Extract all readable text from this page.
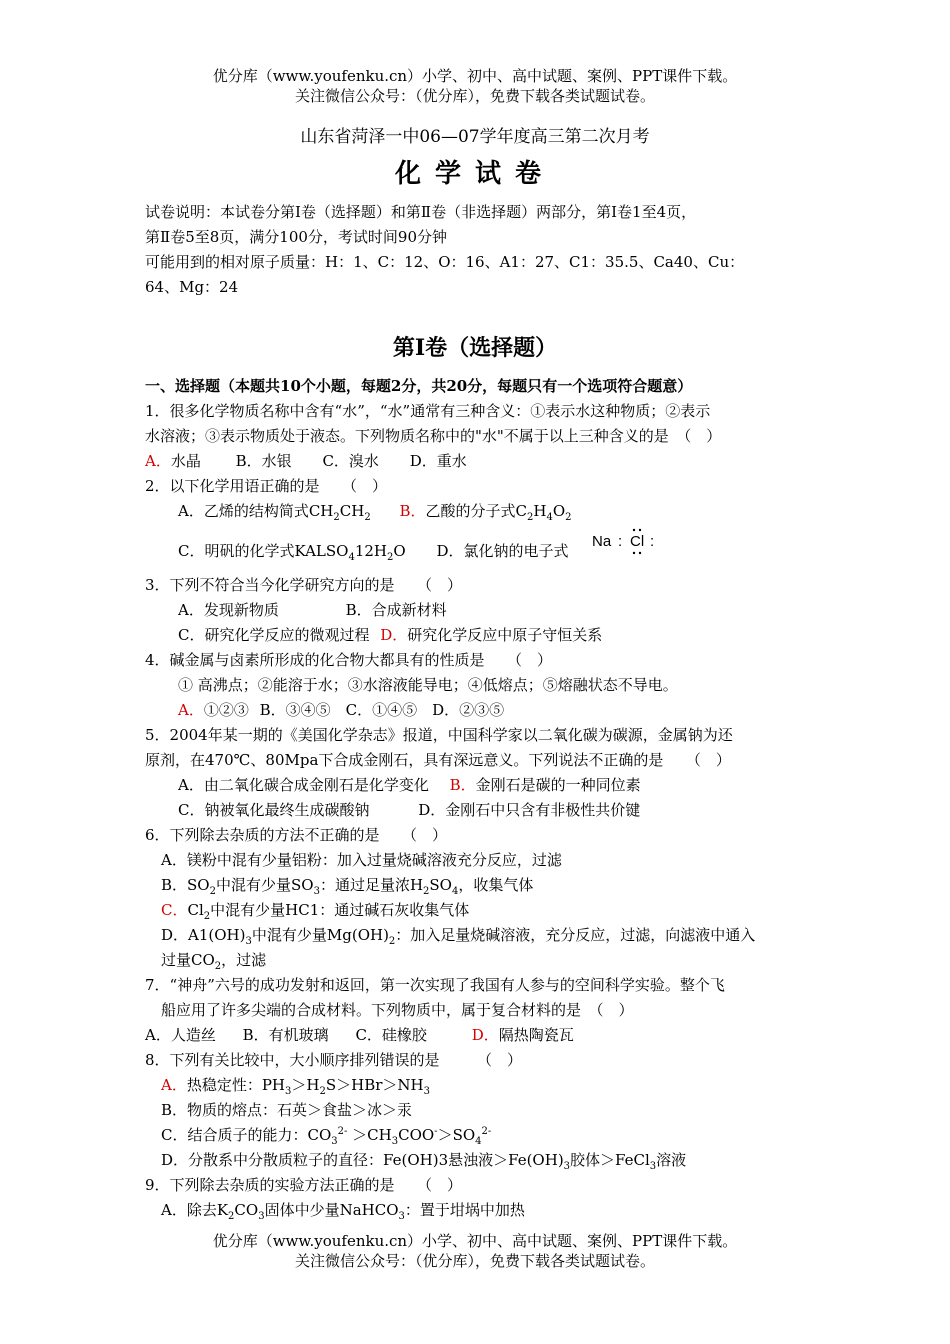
优分库（www.youfenku.cn）小学、初中、高中试题、案例、PPT课件下载。
关注微信公众号：（优分库），免费下载各类试题试卷。
山东省菏泽一中06—07学年度高三第二次月考
化学试卷
试卷说明：本试卷分第Ⅰ卷（选择题）和第Ⅱ卷（非选择题）两部分，第Ⅰ卷1至4页，
第Ⅱ卷5至8页，满分100分，考试时间90分钟
可能用到的相对原子质量：H：1、C：12、O：16、A1：27、C1：35.5、Ca40、Cu：
64、Mg：24
第Ⅰ卷（选择题）
一、选择题（本题共10个小题，每题2分，共20分，每题只有一个选项符合题意）
1．很多化学物质名称中含有“水”，“水”通常有三种含义：①表示水这种物质；②表示
水溶液；③表示物质处于液态。下列物质名称中的"水"不属于以上三种含义的是　（　）
A．水晶 B．水银 C．溴水 D．重水
2．以下化学用语正确的是　　（　）
A．乙烯的结构简式$CH_2CH_2$ B．乙酸的分子式$C_2H_4O_2$
C．明矾的化学式$KALSO_412H_2O$ D．氯化钠的电子式
Na : Cl :
3．下列不符合当今化学研究方向的是　　（　）
A．发现新物质	B．合成新材料
C．研究化学反应的微观过程 D．研究化学反应中原子守恒关系
4．碱金属与卤素所形成的化合物大都具有的性质是　　（　）
① 高沸点；②能溶于水；③水溶液能导电；④低熔点；⑤熔融状态不导电。
A．①②③ B．③④⑤　C．①④⑤　D．②③⑤
5．2004年某一期的《美国化学杂志》报道，中国科学家以二氧化碳为碳源，金属钠为还
原剂，在470℃、80Mpa下合成金刚石，具有深远意义。下列说法不正确的是　　（　）
A．由二氧化碳合成金刚石是化学变化 B．金刚石是碳的一种同位素
C．钠被氧化最终生成碳酸钠	D．金刚石中只含有非极性共价键
6．下列除去杂质的方法不正确的是　　（　）
A．镁粉中混有少量铝粉：加入过量烧碱溶液充分反应，过滤
B．$SO_2$中混有少量$SO_3$：通过足量浓$H_2SO_4$，收集气体
C．$Cl_2$中混有少量HC1：通过碱石灰收集气体
D．$A1(OH)_3$中混有少量$Mg(OH)_2$：加入足量烧碱溶液，充分反应，过滤，向滤液中通入
过量$CO_2$，过滤
7．“神舟”六号的成功发射和返回，第一次实现了我国有人参与的空间科学实验。整个飞
船应用了许多尖端的合成材料。下列物质中，属于复合材料的是　（　）
A．人造丝 B．有机玻璃 C．硅橡胶	D．隔热陶瓷瓦
8．下列有关比较中，大小顺序排列错误的是　　　（　）
A．热稳定性：$PH_3>H_2S>HBr>NH_3$
B．物质的熔点：石英＞食盐＞冰＞汞
C．结合质子的能力：$CO_3^{2-} >CH_3COO^->SO_4^{2-}$
D．分散系中分散质粒子的直径：Fe(OH)3悬浊液$>Fe(OH)_3$胶体＞FeCl$_3$溶液
9．下列除去杂质的实验方法正确的是　　（　）
A．除去$K_2CO_3$固体中少量NaHCO$_3$：置于坩埚中加热
优分库（www.youfenku.cn）小学、初中、高中试题、案例、PPT课件下载。
关注微信公众号：（优分库），免费下载各类试题试卷。
